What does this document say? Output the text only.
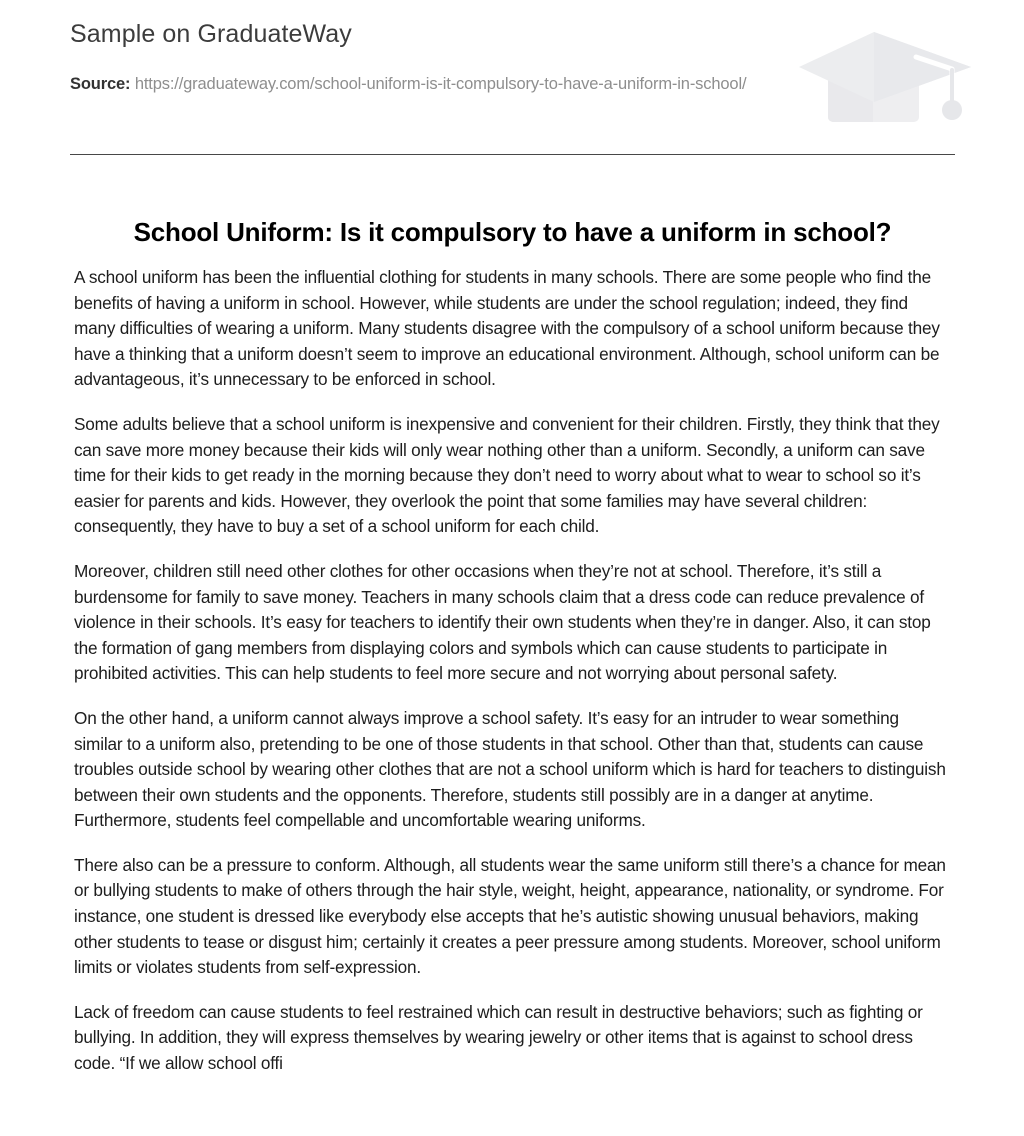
Sample on GraduateWay
Source: https://graduateway.com/school-uniform-is-it-compulsory-to-have-a-uniform-in-school/
School Uniform: Is it compulsory to have a uniform in school?

A school uniform has been the influential clothing for students in many schools. There are some people who find the benefits of having a uniform in school. However, while students are under the school regulation; indeed, they find many difficulties of wearing a uniform. Many students disagree with the compulsory of a school uniform because they have a thinking that a uniform doesn’t seem to improve an educational environment. Although, school uniform can be advantageous, it’s unnecessary to be enforced in school.

Some adults believe that a school uniform is inexpensive and convenient for their children. Firstly, they think that they can save more money because their kids will only wear nothing other than a uniform. Secondly, a uniform can save time for their kids to get ready in the morning because they don’t need to worry about what to wear to school so it’s easier for parents and kids. However, they overlook the point that some families may have several children: consequently, they have to buy a set of a school uniform for each child.

Moreover, children still need other clothes for other occasions when they’re not at school. Therefore, it’s still a burdensome for family to save money. Teachers in many schools claim that a dress code can reduce prevalence of violence in their schools. It’s easy for teachers to identify their own students when they’re in danger. Also, it can stop the formation of gang members from displaying colors and symbols which can cause students to participate in prohibited activities. This can help students to feel more secure and not worrying about personal safety.

On the other hand, a uniform cannot always improve a school safety. It’s easy for an intruder to wear something similar to a uniform also, pretending to be one of those students in that school. Other than that, students can cause troubles outside school by wearing other clothes that are not a school uniform which is hard for teachers to distinguish between their own students and the opponents. Therefore, students still possibly are in a danger at anytime. Furthermore, students feel compellable and uncomfortable wearing uniforms.

There also can be a pressure to conform. Although, all students wear the same uniform still there’s a chance for mean or bullying students to make of others through the hair style, weight, height, appearance, nationality, or syndrome. For instance, one student is dressed like everybody else accepts that he’s autistic showing unusual behaviors, making other students to tease or disgust him; certainly it creates a peer pressure among students. Moreover, school uniform limits or violates students from self-expression.

Lack of freedom can cause students to feel restrained which can result in destructive behaviors; such as fighting or bullying. In addition, they will express themselves by wearing jewelry or other items that is against to school dress code. “If we allow school offi
